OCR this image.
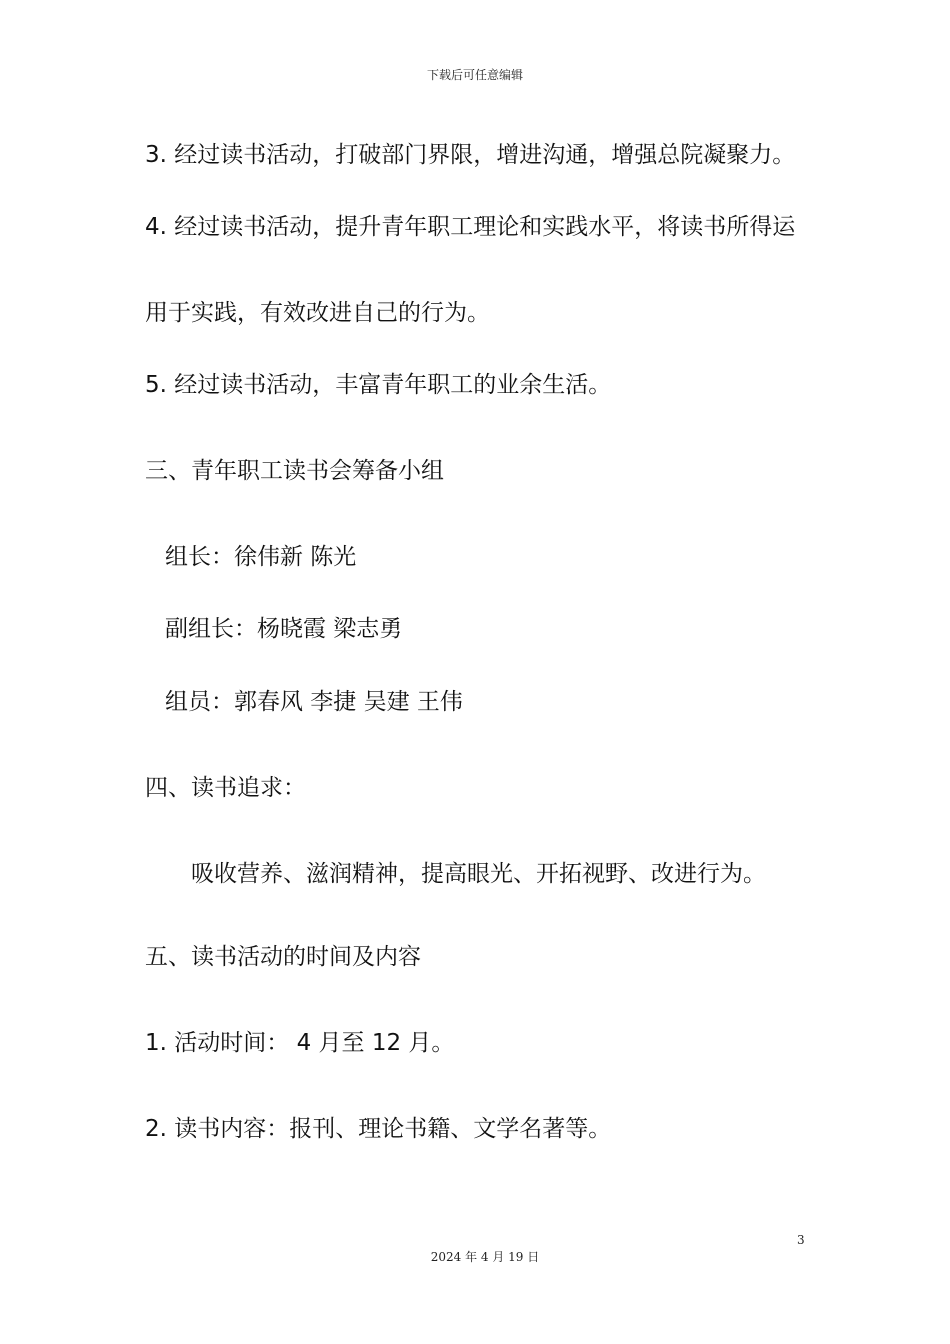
下载后可任意编辑
3. 经过读书活动，打破部门界限，增进沟通，增强总院凝聚力。
4. 经过读书活动，提升青年职工理论和实践水平，将读书所得运
用于实践，有效改进自己的行为。
5. 经过读书活动，丰富青年职工的业余生活。
三、青年职工读书会筹备小组
组长：徐伟新 陈光
副组长：杨晓霞 梁志勇
组员：郭春风 李捷 吴建 王伟
四、读书追求：
吸收营养、滋润精神，提高眼光、开拓视野、改进行为。
五、读书活动的时间及内容
1. 活动时间： 4 月至 12 月。
2. 读书内容：报刊、理论书籍、文学名著等。
3
2024 年 4 月 19 日
